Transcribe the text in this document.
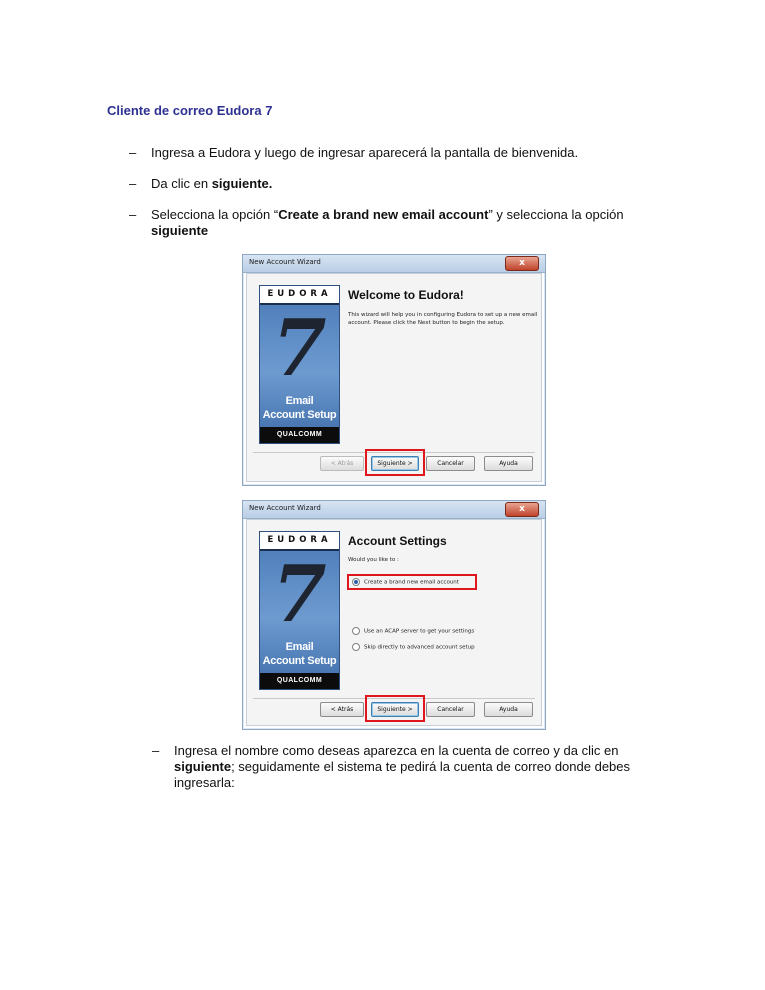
Cliente de correo Eudora 7
– Ingresa a Eudora y luego de ingresar aparecerá la pantalla de bienvenida.
– Da clic en siguiente.
– Selecciona la opción “Create a brand new email account” y selecciona la opción
siguiente
New Account Wizard	x
EUDORA
7
Email
Account Setup
QUALCOMM
Welcome to Eudora!
This wizard will help you in configuring Eudora to set up a new email account. Please click the Next button to begin the setup.
< Atrás	Siguiente >	Cancelar	Ayuda
New Account Wizard	x
EUDORA
7
Email
Account Setup
QUALCOMM
Account Settings
Would you like to :
Create a brand new email account
Use an ACAP server to get your settings
Skip directly to advanced account setup
< Atrás	Siguiente >	Cancelar	Ayuda
– Ingresa el nombre como deseas aparezca en la cuenta de correo y da clic en
siguiente; seguidamente el sistema te pedirá la cuenta de correo donde debes ingresarla:
